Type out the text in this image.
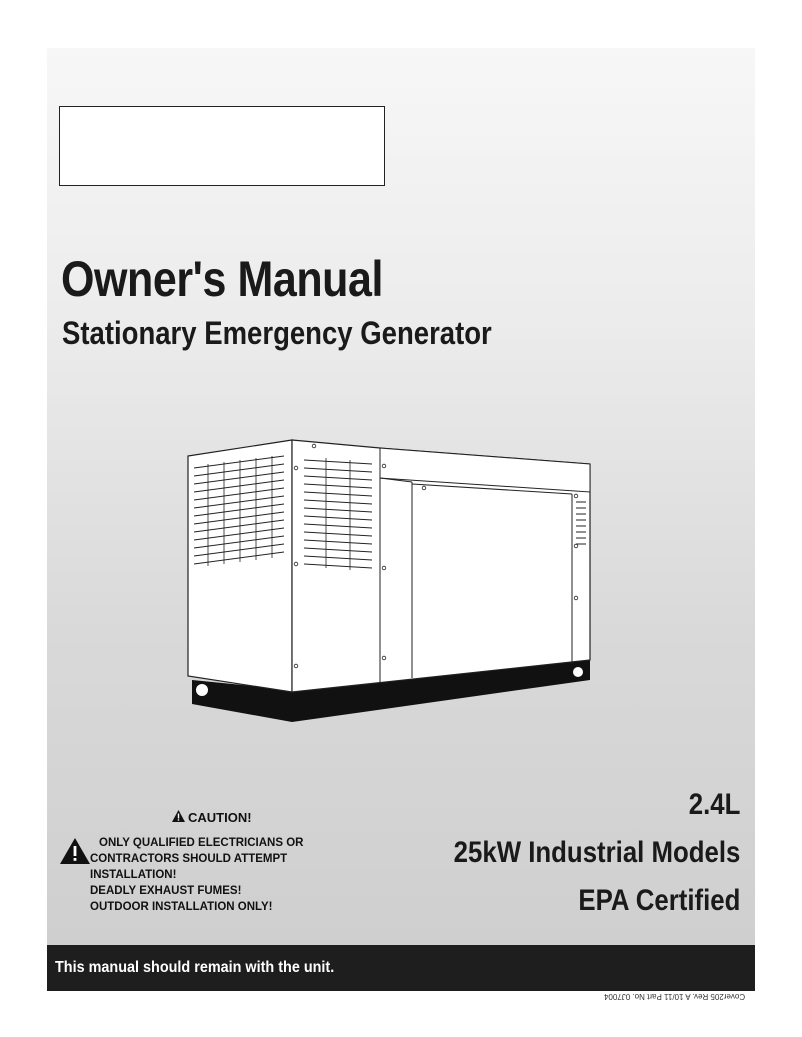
Owner's Manual
Stationary Emergency Generator
2.4L
25kW Industrial Models
EPA Certified
CAUTION!
ONLY QUALIFIED ELECTRICIANS OR
CONTRACTORS SHOULD ATTEMPT
INSTALLATION!
DEADLY EXHAUST FUMES!
OUTDOOR INSTALLATION ONLY!
This manual should remain with the unit.
Cover205 Rev. A 10/11 Part No. 0J7004
